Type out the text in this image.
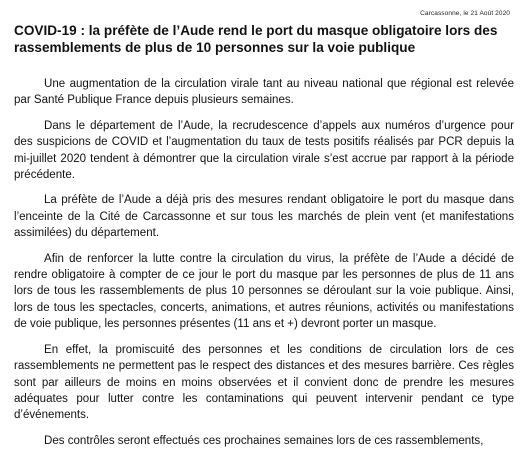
Carcassonne, le 21 Août 2020
COVID-19 : la préfète de l’Aude rend le port du masque obligatoire lors des rassemblements de plus de 10 personnes sur la voie publique

Une augmentation de la circulation virale tant au niveau national que régional est relevée par Santé Publique France depuis plusieurs semaines.

Dans le département de l’Aude, la recrudescence d’appels aux numéros d’urgence pour des suspicions de COVID et l’augmentation du taux de tests positifs réalisés par PCR depuis la mi-juillet 2020 tendent à démontrer que la circulation virale s’est accrue par rapport à la période précédente.

La préfète de l’Aude a déjà pris des mesures rendant obligatoire le port du masque dans l’enceinte de la Cité de Carcassonne et sur tous les marchés de plein vent (et manifestations assimilées) du département.

Afin de renforcer la lutte contre la circulation du virus, la préfète de l’Aude a décidé de rendre obligatoire à compter de ce jour le port du masque par les personnes de plus de 11 ans lors de tous les rassemblements de plus 10 personnes se déroulant sur la voie publique. Ainsi, lors de tous les spectacles, concerts, animations, et autres réunions, activités ou manifestations de voie publique, les personnes présentes (11 ans et +) devront porter un masque.

En effet, la promiscuité des personnes et les conditions de circulation lors de ces rassemblements ne permettent pas le respect des distances et des mesures barrière. Ces règles sont par ailleurs de moins en moins observées et il convient donc de prendre les mesures adéquates pour lutter contre les contaminations qui peuvent intervenir pendant ce type d’événements.

Des contrôles seront effectués ces prochaines semaines lors de ces rassemblements,
